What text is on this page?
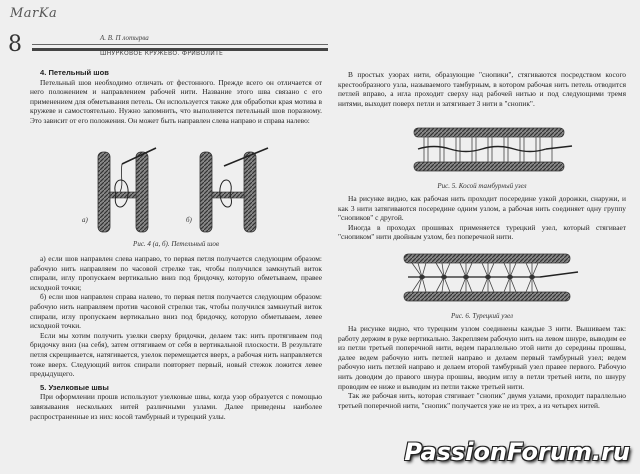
MarKa
8	А. В. П лотырва
ШНУРКОВОЕ КРУЖЕВО. ФРИВОЛИТЕ

4. Петельный шов

Петельный шов необходимо отличать от фестонного. Прежде всего он отличается от него положением и направлением рабочей нити. Название этого шва связано с его применением для обметывания петель. Он используется также для обработки края мотива в кружеве и самостоятельно. Нужно запомнить, что выполняется петельный шов поразному. Это зависит от его положения. Он может быть направлен слева направо и справа налево:

а)	б)
Рис. 4 (а, б). Петельный шов

а) если шов направлен слева направо, то первая петля получается следующим образом: рабочую нить направляем по часовой стрелке так, чтобы получился замкнутый виток спирали, иглу пропускаем вертикально вниз под бридочку, которую обметываем, правее исходной точки;

б) если шов направлен справа налево, то первая петля получается следующим образом: рабочую нить направляем против часовой стрелки так, чтобы получился замкнутый виток спирали, иглу пропускаем вертикально вниз под бридочку, которую обметываем, левее исходной точки.

Если мы хотим получить узелки сверху бридочки, делаем так: нить протягиваем под бридочку вниз (на себя), затем оттягиваем от себя в вертикальной плоскости. В результате петля скрещивается, натягивается, узелок перемещается вверх, а рабочая нить направляется тоже вверх. Следующий виток спирали повторяет первый, новый стежок ложится левее предыдущего.

5. Узелковые швы

При оформлении прошв используют узелковые швы, когда узор образуется с помощью завязывания нескольких нитей различными узлами. Далее приведены наиболее распространенные из них: косой тамбурный и турецкий узлы.

В простых узорах нити, образующие "снопики", стягиваются посредством косого крестообразного узла, называемого тамбурным, в котором рабочая нить петель отводится петлей вправо, а игла проходит сверху над рабочей нитью и под следующими тремя нитями, выходит поверх петли и затягивает 3 нити в "снопик".

Рис. 5. Косой тамбурный узел

На рисунке видно, как рабочая нить проходит посередине узкой дорожки, снаружи, и как 3 нити затягиваются посередине одним узлом, а рабочая нить соединяет одну группу "снопиков" с другой.

Иногда в проходах прошивах применяется турецкий узел, который стягивает "снопиком" нити двойным узлом, без поперечной нити.

Рис. 6. Турецкий узел

На рисунке видно, что турецким узлом соединены каждые 3 нити. Вышиваем так: работу держим в руке вертикально. Закрепляем рабочую нить на левом шнуре, выводим ее из петли третьей поперечной нити, ведем параллельно этой нити до середины прошвы, далее ведем рабочую нить петлей направо и делаем первый тамбурный узел; ведем рабочую нить петлей направо и делаем второй тамбурный узел правее первого. Рабочую нить доводим до правого шнура прошвы, вводим иглу в петли третьей нити, по шнуру проводим ее ниже и выводим из петли также третьей нити.

Так же рабочая нить, которая стягивает "снопик" двумя узлами, проходит параллельно третьей поперечной нити, "снопик" получается уже не из трех, а из четырех нитей.

PassionForum.ru
